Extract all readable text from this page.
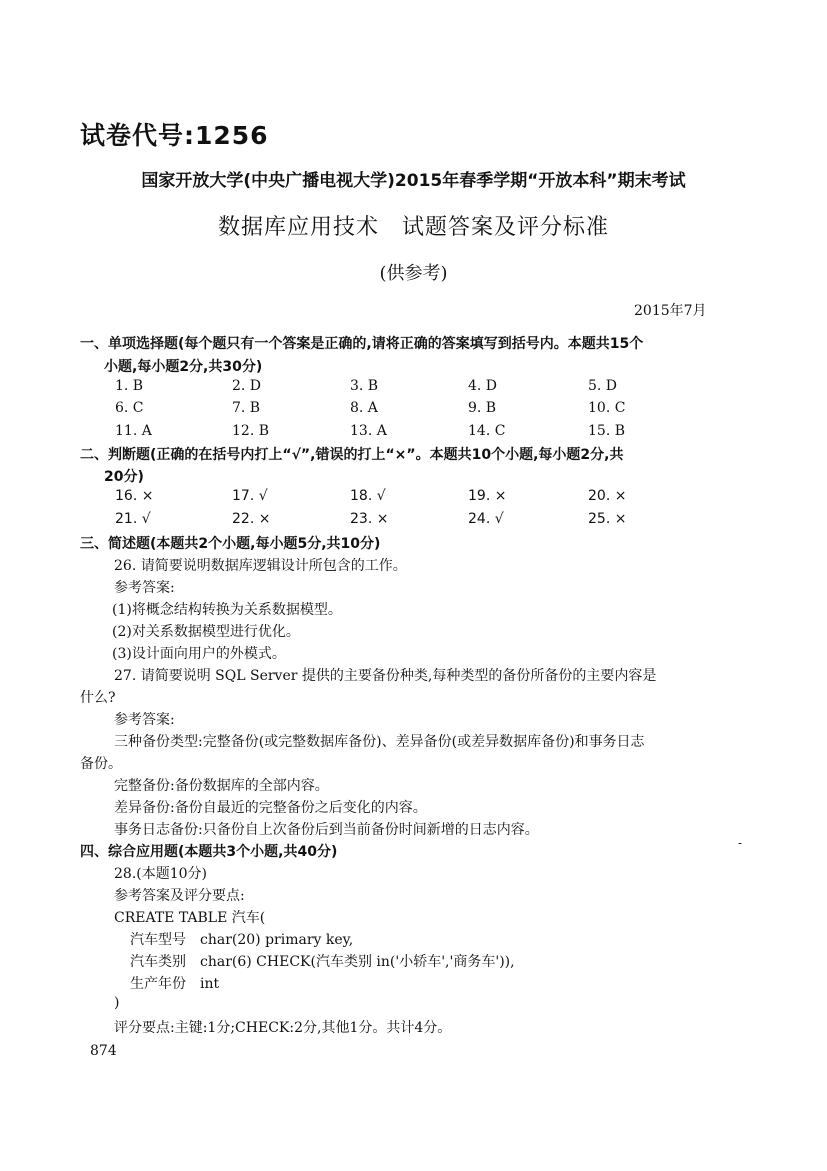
试卷代号:1256
国家开放大学(中央广播电视大学)2015年春季学期“开放本科”期末考试
数据库应用技术　试题答案及评分标准
(供参考)
2015年7月
一、单项选择题(每个题只有一个答案是正确的,请将正确的答案填写到括号内。本题共15个
小题,每小题2分,共30分)
1. B	2. D	3. B	4. D	5. D
6. C	7. B	8. A	9. B	10. C
11. A	12. B	13. A	14. C	15. B
二、判断题(正确的在括号内打上“√”,错误的打上“×”。本题共10个小题,每小题2分,共
20分)
16. ×	17. √	18. √	19. ×	20. ×
21. √	22. ×	23. ×	24. √	25. ×
三、简述题(本题共2个小题,每小题5分,共10分)
26. 请简要说明数据库逻辑设计所包含的工作。
参考答案:
(1)将概念结构转换为关系数据模型。
(2)对关系数据模型进行优化。
(3)设计面向用户的外模式。
27. 请简要说明 SQL Server 提供的主要备份种类,每种类型的备份所备份的主要内容是
什么?
参考答案:
三种备份类型:完整备份(或完整数据库备份)、差异备份(或差异数据库备份)和事务日志
备份。
完整备份:备份数据库的全部内容。
差异备份:备份自最近的完整备份之后变化的内容。
事务日志备份:只备份自上次备份后到当前备份时间新增的日志内容。
-
四、综合应用题(本题共3个小题,共40分)
28.(本题10分)
参考答案及评分要点:
CREATE TABLE 汽车(
汽车型号　char(20) primary key,
汽车类别　char(6) CHECK(汽车类别 in('小轿车','商务车')),
生产年份　int
)
评分要点:主键:1分;CHECK:2分,其他1分。共计4分。
874
